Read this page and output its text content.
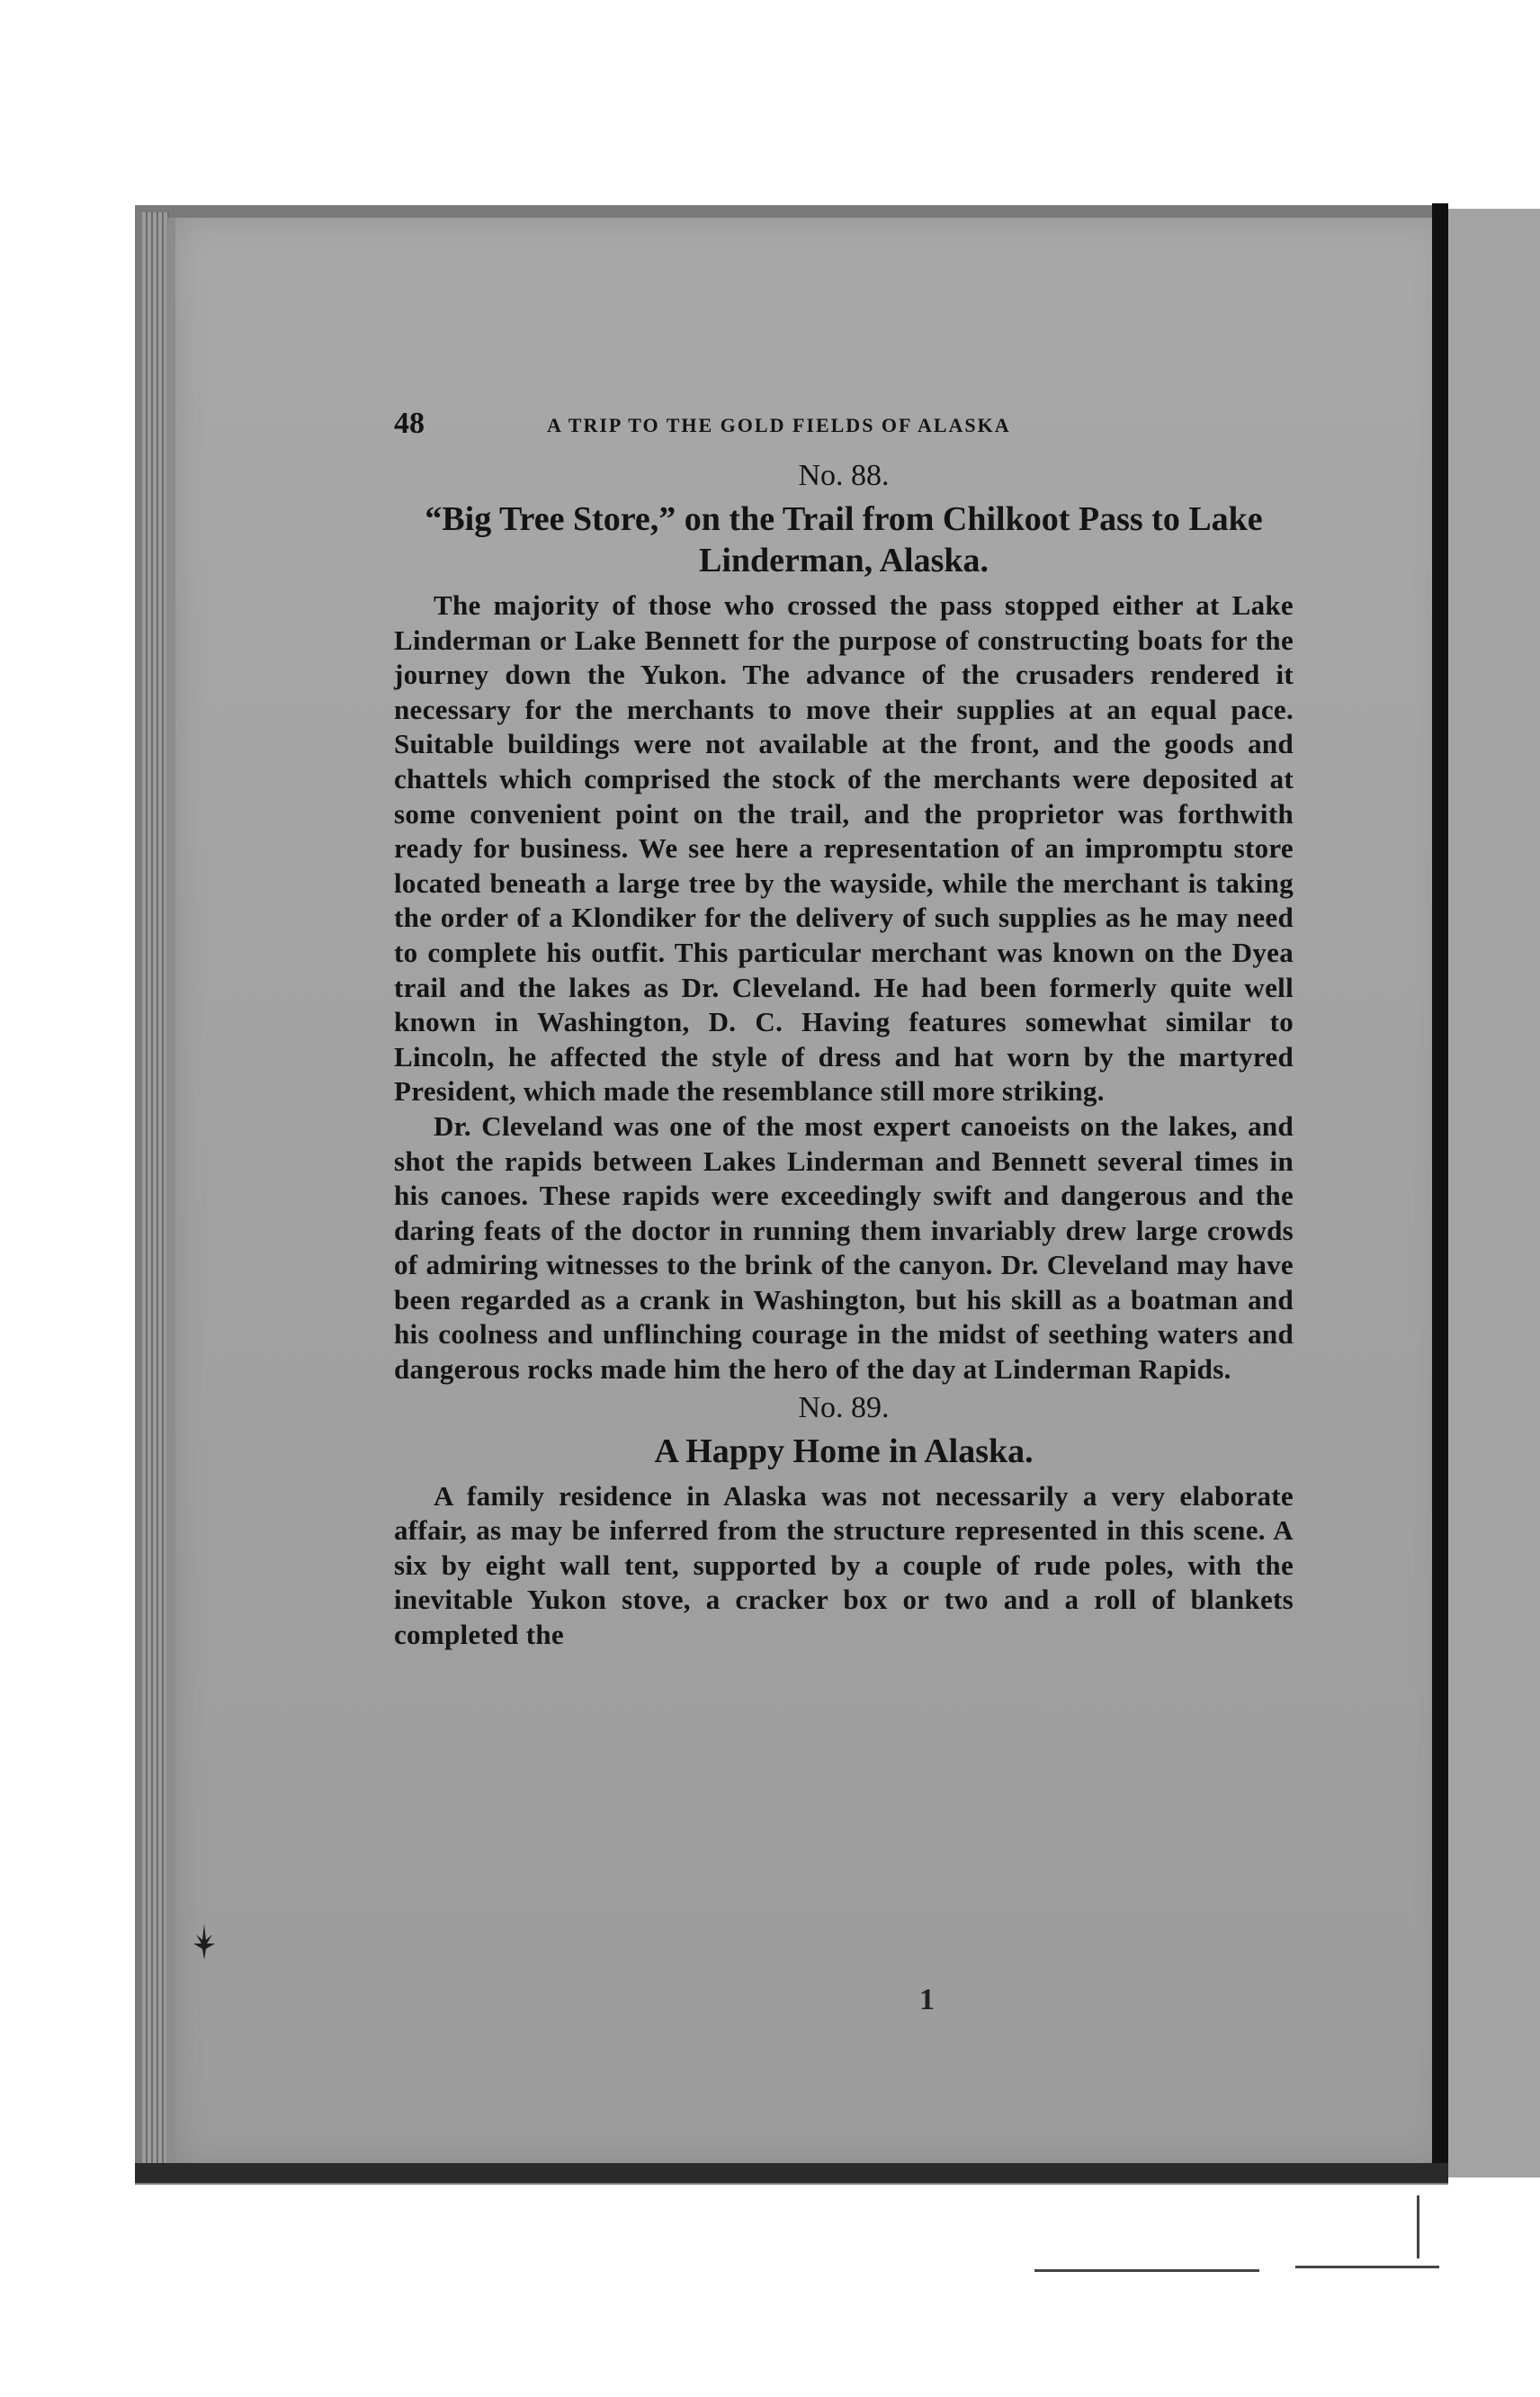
48	A TRIP TO THE GOLD FIELDS OF ALASKA
No. 88.
“Big Tree Store,” on the Trail from Chilkoot Pass to Lake Linderman, Alaska.

The majority of those who crossed the pass stopped either at Lake Linderman or Lake Bennett for the purpose of constructing boats for the journey down the Yukon. The advance of the crusaders rendered it necessary for the merchants to move their supplies at an equal pace. Suitable buildings were not available at the front, and the goods and chattels which comprised the stock of the merchants were deposited at some convenient point on the trail, and the proprietor was forthwith ready for business. We see here a representation of an impromptu store located beneath a large tree by the wayside, while the merchant is taking the order of a Klondiker for the delivery of such supplies as he may need to complete his outfit. This particular merchant was known on the Dyea trail and the lakes as Dr. Cleveland. He had been formerly quite well known in Washington, D. C. Having features somewhat similar to Lincoln, he affected the style of dress and hat worn by the martyred President, which made the resemblance still more striking.

Dr. Cleveland was one of the most expert canoeists on the lakes, and shot the rapids between Lakes Linderman and Bennett several times in his canoes. These rapids were exceedingly swift and dangerous and the daring feats of the doctor in running them invariably drew large crowds of admiring witnesses to the brink of the canyon. Dr. Cleveland may have been regarded as a crank in Washington, but his skill as a boatman and his coolness and unflinching courage in the midst of seething waters and dangerous rocks made him the hero of the day at Linderman Rapids.

No. 89.
A Happy Home in Alaska.

A family residence in Alaska was not necessarily a very elaborate affair, as may be inferred from the structure represented in this scene. A six by eight wall tent, supported by a couple of rude poles, with the inevitable Yukon stove, a cracker box or two and a roll of blankets completed the

1
